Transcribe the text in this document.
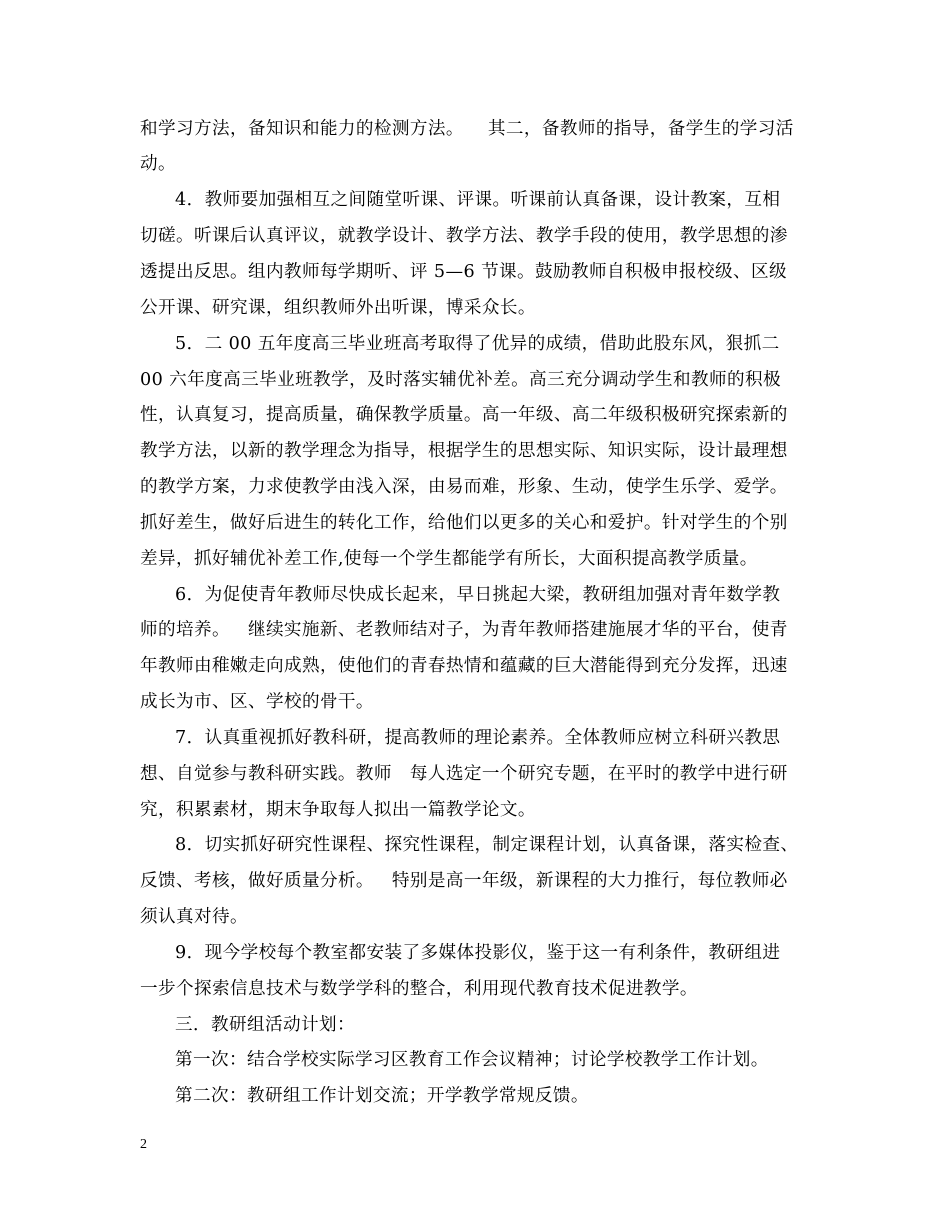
和学习方法，备知识和能力的检测方法。    其二，备教师的指导，备学生的学习活
动。
4．教师要加强相互之间随堂听课、评课。听课前认真备课，设计教案，互相
切磋。听课后认真评议，就教学设计、教学方法、教学手段的使用，教学思想的渗
透提出反思。组内教师每学期听、评 5—6 节课。鼓励教师自积极申报校级、区级
公开课、研究课，组织教师外出听课，博采众长。
5．二 00 五年度高三毕业班高考取得了优异的成绩，借助此股东风，狠抓二
00 六年度高三毕业班教学，及时落实辅优补差。高三充分调动学生和教师的积极
性，认真复习，提高质量，确保教学质量。高一年级、高二年级积极研究探索新的
教学方法，以新的教学理念为指导，根据学生的思想实际、知识实际，设计最理想
的教学方案，力求使教学由浅入深，由易而难，形象、生动，使学生乐学、爱学。
抓好差生，做好后进生的转化工作，给他们以更多的关心和爱护。针对学生的个别
差异，抓好辅优补差工作,使每一个学生都能学有所长，大面积提高教学质量。
6．为促使青年教师尽快成长起来，早日挑起大梁，教研组加强对青年数学教
师的培养。   继续实施新、老教师结对子，为青年教师搭建施展才华的平台，使青
年教师由稚嫩走向成熟，使他们的青春热情和蕴藏的巨大潜能得到充分发挥，迅速
成长为市、区、学校的骨干。
7．认真重视抓好教科研，提高教师的理论素养。全体教师应树立科研兴教思
想、自觉参与教科研实践。教师   每人选定一个研究专题，在平时的教学中进行研
究，积累素材，期末争取每人拟出一篇教学论文。
8．切实抓好研究性课程、探究性课程，制定课程计划，认真备课，落实检查、
反馈、考核，做好质量分析。   特别是高一年级，新课程的大力推行，每位教师必
须认真对待。
9．现今学校每个教室都安装了多媒体投影仪，鉴于这一有利条件，教研组进
一步个探索信息技术与数学学科的整合，利用现代教育技术促进教学。
三．教研组活动计划：
第一次：结合学校实际学习区教育工作会议精神；讨论学校教学工作计划。
第二次：教研组工作计划交流；开学教学常规反馈。
2
